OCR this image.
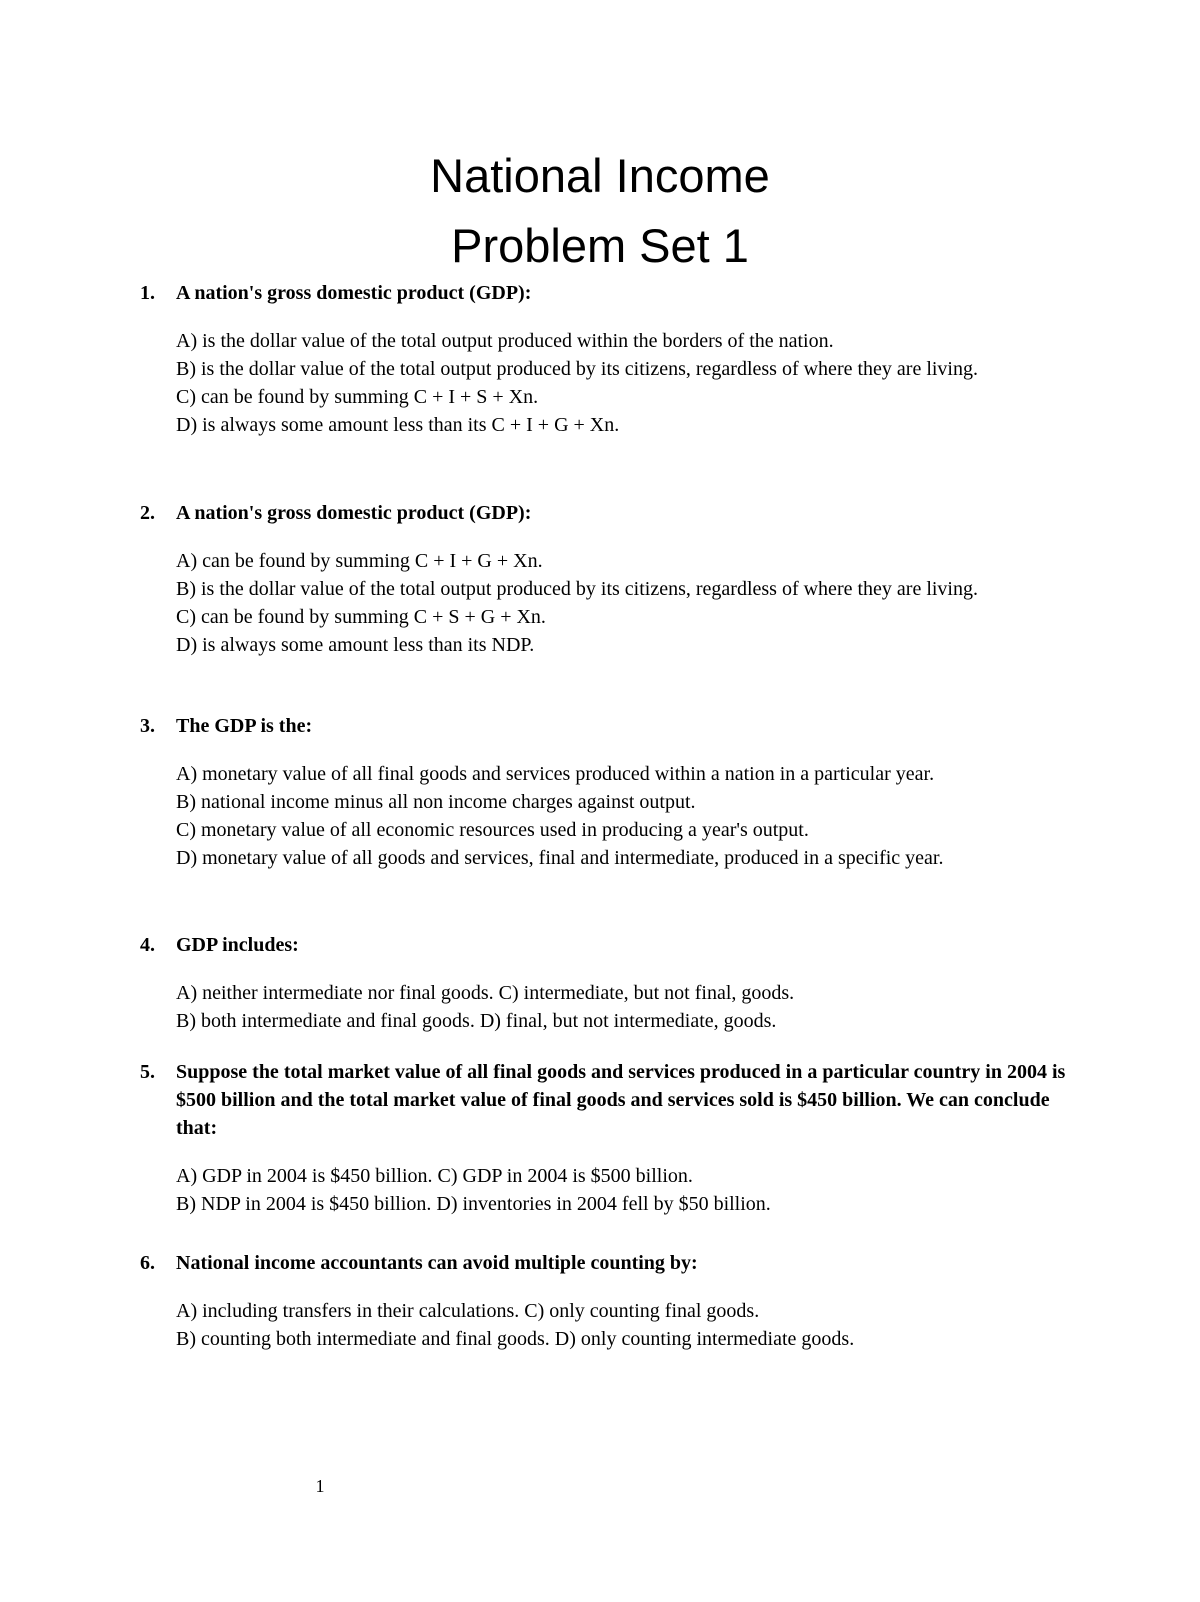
National Income
Problem Set 1
1.	A nation's gross domestic product (GDP):
A) is the dollar value of the total output produced within the borders of the nation.
B) is the dollar value of the total output produced by its citizens, regardless of where they are living.
C) can be found by summing C + I + S + Xn.
D) is always some amount less than its C + I + G + Xn.
2.	A nation's gross domestic product (GDP):
A) can be found by summing C + I + G + Xn.
B) is the dollar value of the total output produced by its citizens, regardless of where they are living.
C) can be found by summing C + S + G + Xn.
D) is always some amount less than its NDP.
3.	The GDP is the:
A) monetary value of all final goods and services produced within a nation in a particular year.
B) national income minus all non income charges against output.
C) monetary value of all economic resources used in producing a year's output.
D) monetary value of all goods and services, final and intermediate, produced in a specific year.
4.	GDP includes:
A) neither intermediate nor final goods. C) intermediate, but not final, goods.
B) both intermediate and final goods. D) final, but not intermediate, goods.
5.	Suppose the total market value of all final goods and services produced in a particular country in 2004 is $500 billion and the total market value of final goods and services sold is $450 billion. We can conclude that:
A) GDP in 2004 is $450 billion. C) GDP in 2004 is $500 billion.
B) NDP in 2004 is $450 billion. D) inventories in 2004 fell by $50 billion.
6.	National income accountants can avoid multiple counting by:
A) including transfers in their calculations. C) only counting final goods.
B) counting both intermediate and final goods. D) only counting intermediate goods.
1
